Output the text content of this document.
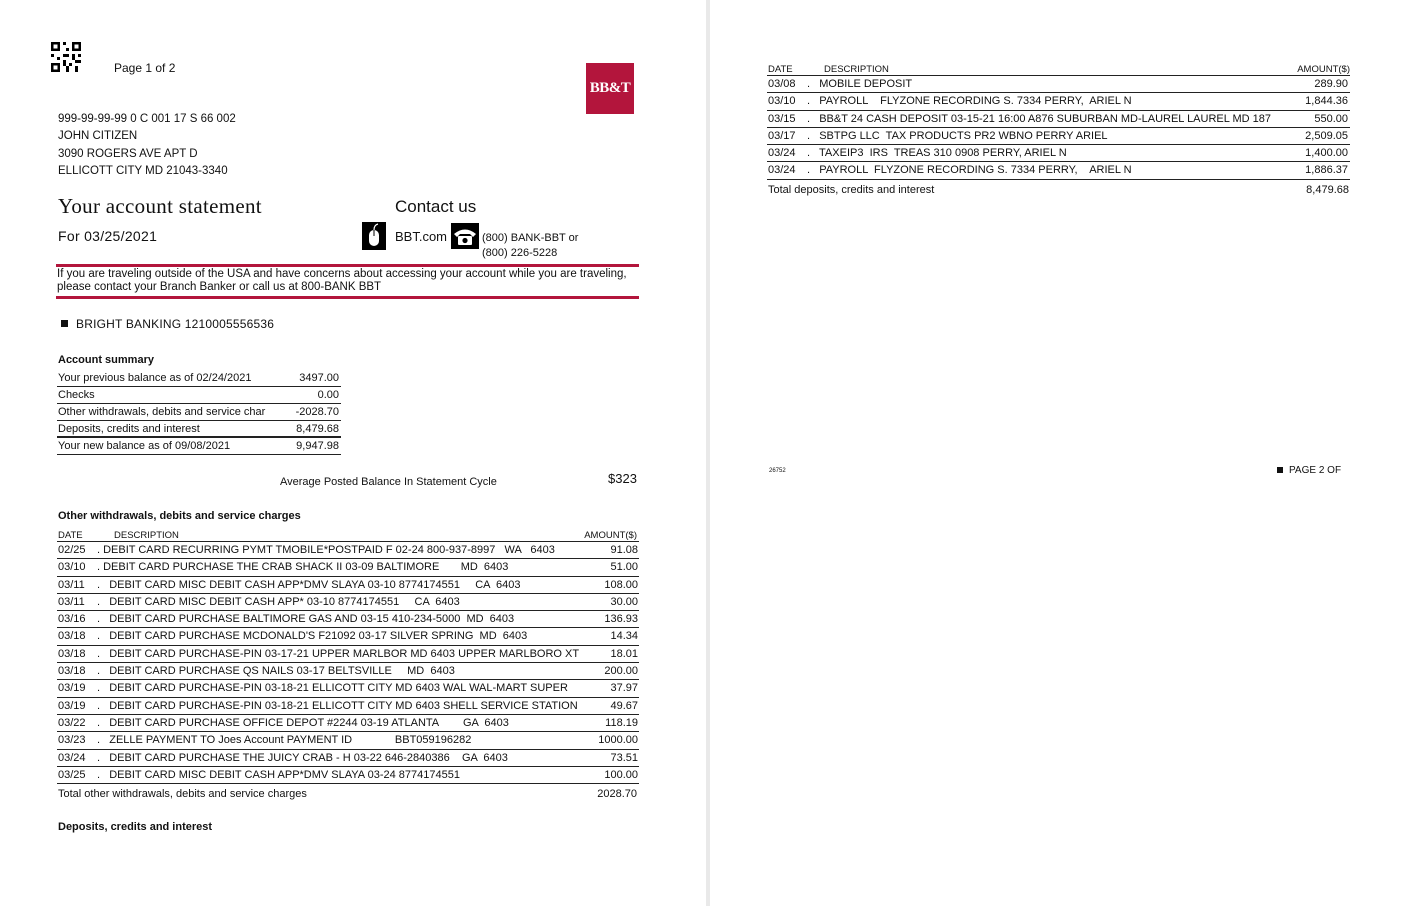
Page 1 of 2
BB&T
999-99-99-99 0 C 001 17 S 66 002
JOHN CITIZEN
3090 ROGERS AVE APT D
ELLICOTT CITY MD 21043-3340
Your account statement
For 03/25/2021
Contact us
BBT.com	(800) BANK-BBT or
(800) 226-5228
If you are traveling outside of the USA and have concerns about accessing your account while you are traveling, please contact your Branch Banker or call us at 800-BANK BBT
BRIGHT BANKING 1210005556536
Account summary
Your previous balance as of 02/24/2021	3497.00
Checks	0.00
Other withdrawals, debits and service char	-2028.70
Deposits, credits and interest	8,479.68
Your new balance as of 09/08/2021	9,947.98
Average Posted Balance In Statement Cycle	$323
Other withdrawals, debits and service charges
DATE	DESCRIPTION	AMOUNT($)
02/25 . DEBIT CARD RECURRING PYMT TMOBILE*POSTPAID F 02-24 800-937-8997   WA   6403	91.08
03/10 . DEBIT CARD PURCHASE THE CRAB SHACK II 03-09 BALTIMORE       MD  6403	51.00
03/11 .   DEBIT CARD MISC DEBIT CASH APP*DMV SLAYA 03-10 8774174551     CA  6403	108.00
03/11 .   DEBIT CARD MISC DEBIT CASH APP* 03-10 8774174551     CA  6403	30.00
03/16 .   DEBIT CARD PURCHASE BALTIMORE GAS AND 03-15 410-234-5000  MD  6403	136.93
03/18 .   DEBIT CARD PURCHASE MCDONALD'S F21092 03-17 SILVER SPRING  MD  6403	14.34
03/18 .   DEBIT CARD PURCHASE-PIN 03-17-21 UPPER MARLBOR MD 6403 UPPER MARLBORO XT	18.01
03/18 .   DEBIT CARD PURCHASE QS NAILS 03-17 BELTSVILLE     MD  6403	200.00
03/19 .   DEBIT CARD PURCHASE-PIN 03-18-21 ELLICOTT CITY MD 6403 WAL WAL-MART SUPER	37.97
03/19 .   DEBIT CARD PURCHASE-PIN 03-18-21 ELLICOTT CITY MD 6403 SHELL SERVICE STATION	49.67
03/22 .   DEBIT CARD PURCHASE OFFICE DEPOT #2244 03-19 ATLANTA        GA  6403	118.19
03/23 .   ZELLE PAYMENT TO Joes Account PAYMENT ID              BBT059196282	1000.00
03/24 .   DEBIT CARD PURCHASE THE JUICY CRAB - H 03-22 646-2840386    GA  6403	73.51
03/25 .   DEBIT CARD MISC DEBIT CASH APP*DMV SLAYA 03-24 8774174551	100.00
Total other withdrawals, debits and service charges	2028.70
Deposits, credits and interest
DATE	DESCRIPTION	AMOUNT($)
03/08 .   MOBILE DEPOSIT	289.90
03/10 .   PAYROLL    FLYZONE RECORDING S. 7334 PERRY,  ARIEL N	1,844.36
03/15 .   BB&T 24 CASH DEPOSIT 03-15-21 16:00 A876 SUBURBAN MD-LAUREL LAUREL MD 187	550.00
03/17 .   SBTPG LLC  TAX PRODUCTS PR2 WBNO PERRY ARIEL	2,509.05
03/24 .   TAXEIP3  IRS  TREAS 310 0908 PERRY, ARIEL N	1,400.00
03/24 .   PAYROLL  FLYZONE RECORDING S. 7334 PERRY,    ARIEL N	1,886.37
Total deposits, credits and interest	8,479.68
26752	PAGE 2 OF
